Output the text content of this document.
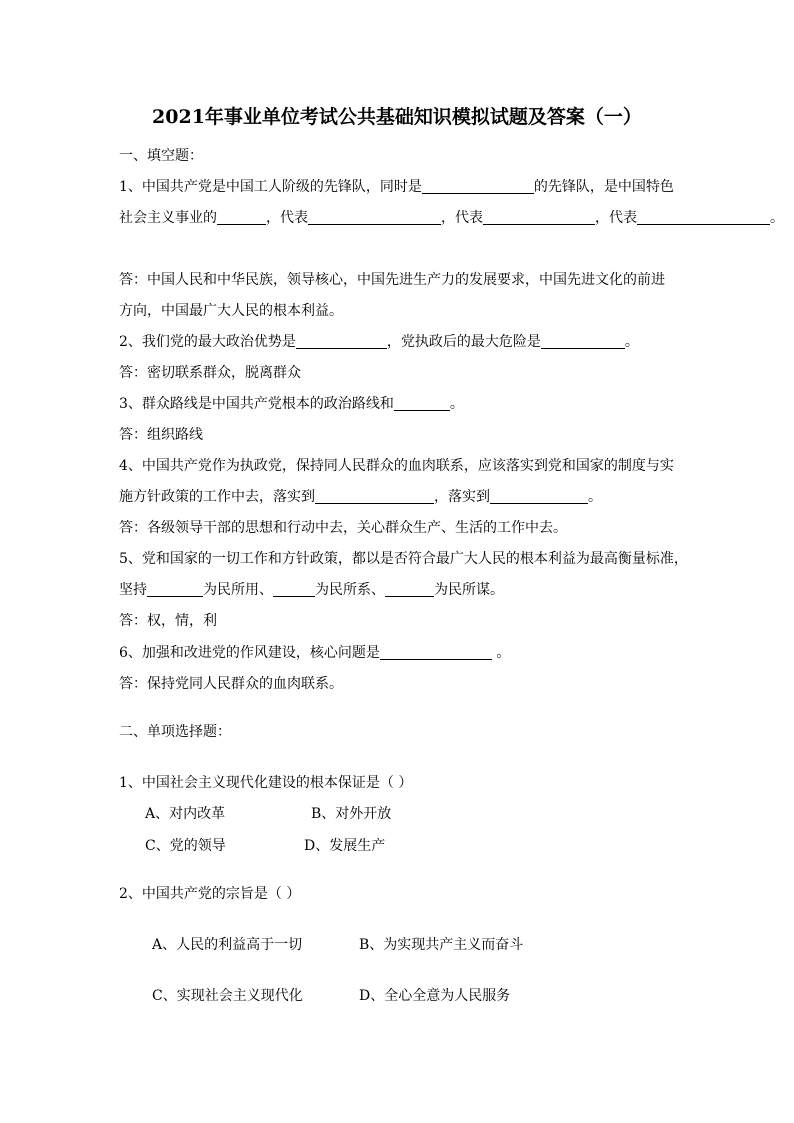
2021年事业单位考试公共基础知识模拟试题及答案（一）
一、填空题：
1、中国共产党是中国工人阶级的先锋队，同时是	的先锋队，是中国特色
社会主义事业的	，代表	，代表	，代表	。
答：中国人民和中华民族，领导核心，中国先进生产力的发展要求，中国先进文化的前进
方向，中国最广大人民的根本利益。
2、我们党的最大政治优势是	，党执政后的最大危险是	。
答：密切联系群众，脱离群众
3、群众路线是中国共产党根本的政治路线和	。
答：组织路线
4、中国共产党作为执政党，保持同人民群众的血肉联系，应该落实到党和国家的制度与实
施方针政策的工作中去，落实到	，落实到	。
答：各级领导干部的思想和行动中去，关心群众生产、生活的工作中去。
5、党和国家的一切工作和方针政策，都以是否符合最广大人民的根本利益为最高衡量标准，
坚持	为民所用、	为民所系、	为民所谋。
答：权，情，利
6、加强和改进党的作风建设，核心问题是	。
答：保持党同人民群众的血肉联系。
二、单项选择题：
1、中国社会主义现代化建设的根本保证是（ ）
A、对内改革	B、对外开放
C、党的领导	D、发展生产
2、中国共产党的宗旨是（ ）
A、人民的利益高于一切	B、为实现共产主义而奋斗
C、实现社会主义现代化	D、全心全意为人民服务
